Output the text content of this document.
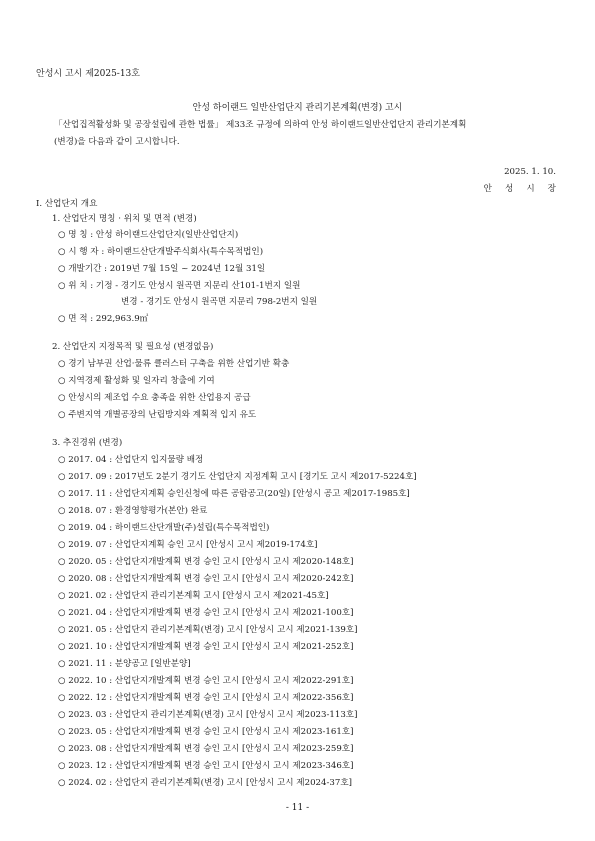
안성시 고시 제2025-13호
안성 하이랜드 일반산업단지 관리기본계획(변경) 고시
「산업집적활성화 및 공장설립에 관한 법률」 제33조 규정에 의하여 안성 하이랜드일반산업단지 관리기본계획
(변경)을 다음과 같이 고시합니다.
2025. 1. 10.
안 성 시 장
Ⅰ. 산업단지 개요
1. 산업단지 명칭 · 위치 및 면적 (변경)
○ 명 칭 : 안성 하이랜드산업단지(일반산업단지)
○ 시 행 자 : 하이랜드산단개발주식회사(특수목적법인)
○ 개발기간 : 2019년 7월 15일 ~ 2024년 12월 31일
○ 위 치 : 기정 - 경기도 안성시 원곡면 지문리 산101-1번지 일원
변경 - 경기도 안성시 원곡면 지문리 798-2번지 일원
○ 면 적 : 292,963.9㎡
2. 산업단지 지정목적 및 필요성 (변경없음)
○ 경기 남부권 산업·물류 클러스터 구축을 위한 산업기반 확충
○ 지역경제 활성화 및 일자리 창출에 기여
○ 안성시의 제조업 수요 충족을 위한 산업용지 공급
○ 주변지역 개별공장의 난립방지와 계획적 입지 유도
3. 추진경위 (변경)
○ 2017. 04 : 산업단지 입지물량 배정
○ 2017. 09 : 2017년도 2분기 경기도 산업단지 지정계획 고시 [경기도 고시 제2017-5224호]
○ 2017. 11 : 산업단지계획 승인신청에 따른 공람공고(20일) [안성시 공고 제2017-1985호]
○ 2018. 07 : 환경영향평가(본안) 완료
○ 2019. 04 : 하이랜드산단개발(주)설립(특수목적법인)
○ 2019. 07 : 산업단지계획 승인 고시 [안성시 고시 제2019-174호]
○ 2020. 05 : 산업단지개발계획 변경 승인 고시 [안성시 고시 제2020-148호]
○ 2020. 08 : 산업단지개발계획 변경 승인 고시 [안성시 고시 제2020-242호]
○ 2021. 02 : 산업단지 관리기본계획 고시 [안성시 고시 제2021-45호]
○ 2021. 04 : 산업단지개발계획 변경 승인 고시 [안성시 고시 제2021-100호]
○ 2021. 05 : 산업단지 관리기본계획(변경) 고시 [안성시 고시 제2021-139호]
○ 2021. 10 : 산업단지개발계획 변경 승인 고시 [안성시 고시 제2021-252호]
○ 2021. 11 : 분양공고 [일반분양]
○ 2022. 10 : 산업단지개발계획 변경 승인 고시 [안성시 고시 제2022-291호]
○ 2022. 12 : 산업단지개발계획 변경 승인 고시 [안성시 고시 제2022-356호]
○ 2023. 03 : 산업단지 관리기본계획(변경) 고시 [안성시 고시 제2023-113호]
○ 2023. 05 : 산업단지개발계획 변경 승인 고시 [안성시 고시 제2023-161호]
○ 2023. 08 : 산업단지개발계획 변경 승인 고시 [안성시 고시 제2023-259호]
○ 2023. 12 : 산업단지개발계획 변경 승인 고시 [안성시 고시 제2023-346호]
○ 2024. 02 : 산업단지 관리기본계획(변경) 고시 [안성시 고시 제2024-37호]
- 11 -
